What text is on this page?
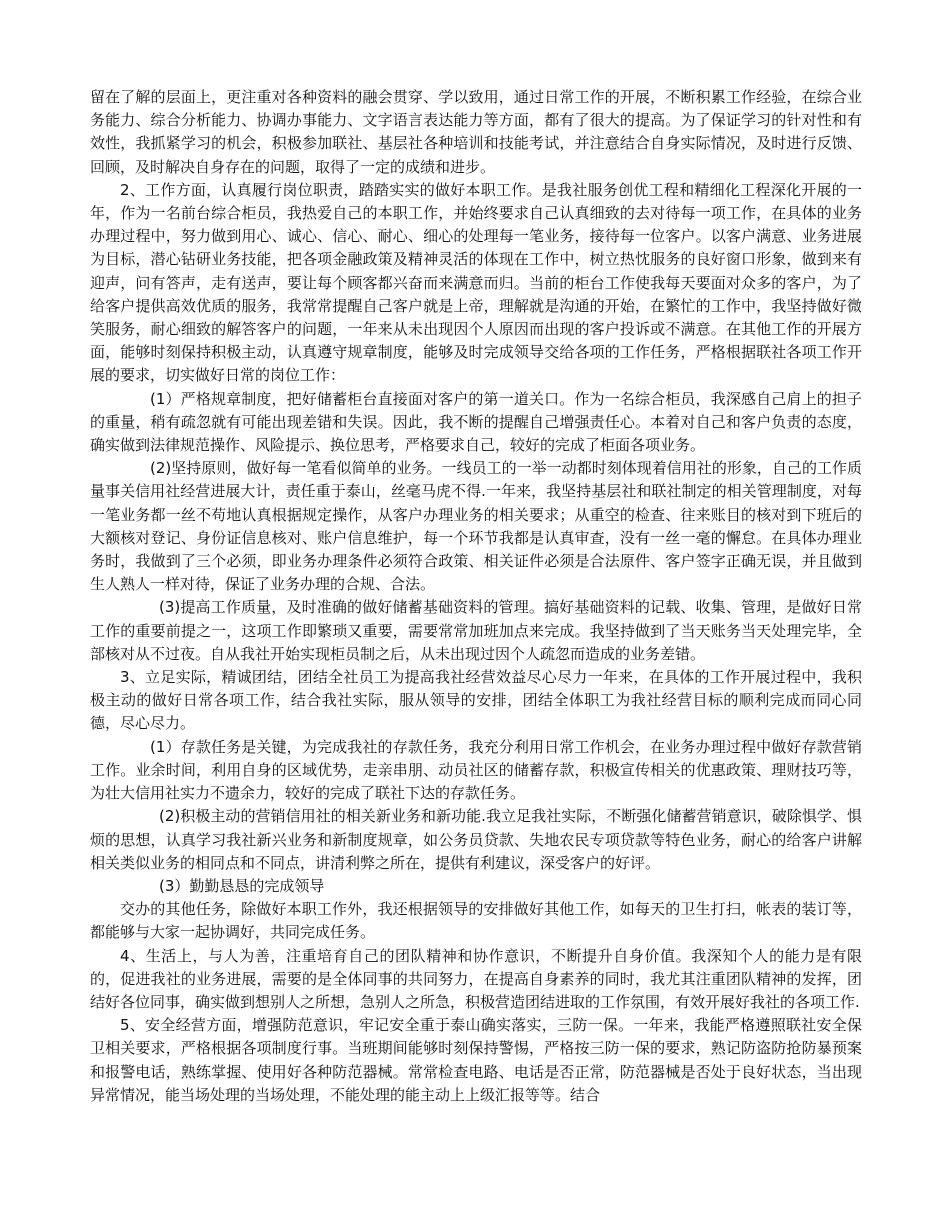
留在了解的层面上，更注重对各种资料的融会贯穿、学以致用，通过日常工作的开展，不断积累工作经验，在综合业务能力、综合分析能力、协调办事能力、文字语言表达能力等方面，都有了很大的提高。为了保证学习的针对性和有效性，我抓紧学习的机会，积极参加联社、基层社各种培训和技能考试，并注意结合自身实际情况，及时进行反馈、回顾，及时解决自身存在的问题，取得了一定的成绩和进步。

2、工作方面，认真履行岗位职责，踏踏实实的做好本职工作。是我社服务创优工程和精细化工程深化开展的一年，作为一名前台综合柜员，我热爱自己的本职工作，并始终要求自己认真细致的去对待每一项工作，在具体的业务办理过程中，努力做到用心、诚心、信心、耐心、细心的处理每一笔业务，接待每一位客户。以客户满意、业务进展为目标，潜心钻研业务技能，把各项金融政策及精神灵活的体现在工作中，树立热忱服务的良好窗口形象，做到来有迎声，问有答声，走有送声，要让每个顾客都兴奋而来满意而归。当前的柜台工作使我每天要面对众多的客户，为了给客户提供高效优质的服务，我常常提醒自己客户就是上帝，理解就是沟通的开始，在繁忙的工作中，我坚持做好微笑服务，耐心细致的解答客户的问题，一年来从未出现因个人原因而出现的客户投诉或不满意。在其他工作的开展方面，能够时刻保持积极主动，认真遵守规章制度，能够及时完成领导交给各项的工作任务，严格根据联社各项工作开展的要求，切实做好日常的岗位工作：

(1）严格规章制度，把好储蓄柜台直接面对客户的第一道关口。作为一名综合柜员，我深感自己肩上的担子的重量，稍有疏忽就有可能出现差错和失误。因此，我不断的提醒自己增强责任心。本着对自己和客户负责的态度，确实做到法律规范操作、风险提示、换位思考，严格要求自己，较好的完成了柜面各项业务。

(2)坚持原则，做好每一笔看似简单的业务。一线员工的一举一动都时刻体现着信用社的形象，自己的工作质量事关信用社经营进展大计，责任重于泰山，丝毫马虎不得.一年来，我坚持基层社和联社制定的相关管理制度，对每一笔业务都一丝不苟地认真根据规定操作，从客户办理业务的相关要求；从重空的检查、往来账目的核对到下班后的大额核对登记、身份证信息核对、账户信息维护，每一个环节我都是认真审查，没有一丝一毫的懈怠。在具体办理业务时，我做到了三个必须，即业务办理条件必须符合政策、相关证件必须是合法原件、客户签字正确无误，并且做到生人熟人一样对待，保证了业务办理的合规、合法。

(3)提高工作质量，及时准确的做好储蓄基础资料的管理。搞好基础资料的记载、收集、管理，是做好日常工作的重要前提之一，这项工作即繁琐又重要，需要常常加班加点来完成。我坚持做到了当天账务当天处理完毕，全部核对从不过夜。自从我社开始实现柜员制之后，从未出现过因个人疏忽而造成的业务差错。

3、立足实际，精诚团结，团结全社员工为提高我社经营效益尽心尽力一年来，在具体的工作开展过程中，我积极主动的做好日常各项工作，结合我社实际，服从领导的安排，团结全体职工为我社经营目标的顺利完成而同心同德，尽心尽力。

(1）存款任务是关键，为完成我社的存款任务，我充分利用日常工作机会，在业务办理过程中做好存款营销工作。业余时间，利用自身的区域优势，走亲串朋、动员社区的储蓄存款，积极宣传相关的优惠政策、理财技巧等，为壮大信用社实力不遗余力，较好的完成了联社下达的存款任务。

(2)积极主动的营销信用社的相关新业务和新功能.我立足我社实际，不断强化储蓄营销意识，破除惧学、惧烦的思想，认真学习我社新兴业务和新制度规章，如公务员贷款、失地农民专项贷款等特色业务，耐心的给客户讲解相关类似业务的相同点和不同点，讲清利弊之所在，提供有利建议，深受客户的好评。

(3）勤勤恳恳的完成领导

交办的其他任务，除做好本职工作外，我还根据领导的安排做好其他工作，如每天的卫生打扫，帐表的装订等，都能够与大家一起协调好，共同完成任务。

4、生活上，与人为善，注重培育自己的团队精神和协作意识，不断提升自身价值。我深知个人的能力是有限的，促进我社的业务进展，需要的是全体同事的共同努力，在提高自身素养的同时，我尤其注重团队精神的发挥，团结好各位同事，确实做到想别人之所想，急别人之所急，积极营造团结进取的工作氛围，有效开展好我社的各项工作.

5、安全经营方面，增强防范意识，牢记安全重于泰山确实落实，三防一保。一年来，我能严格遵照联社安全保卫相关要求，严格根据各项制度行事。当班期间能够时刻保持警惕，严格按三防一保的要求，熟记防盗防抢防暴预案和报警电话，熟练掌握、使用好各种防范器械。常常检查电路、电话是否正常，防范器械是否处于良好状态，当出现异常情况，能当场处理的当场处理，不能处理的能主动上上级汇报等等。结合
